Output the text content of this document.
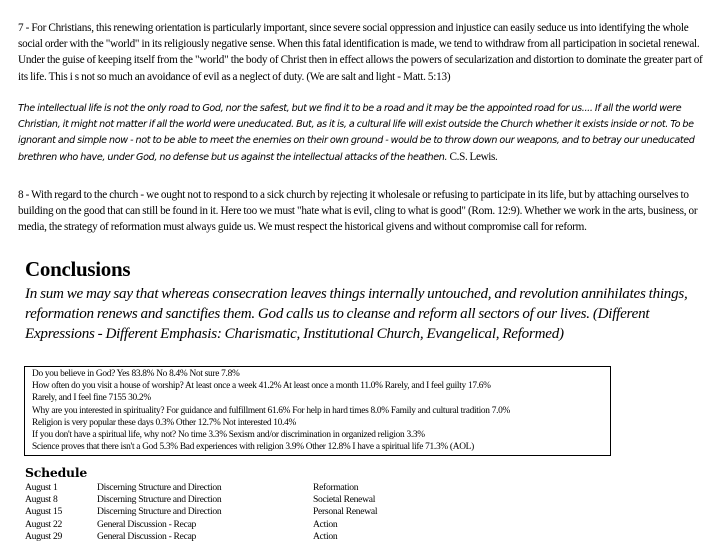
7 - For Christians, this renewing orientation is particularly important, since severe social oppression and injustice can easily seduce us into identifying the whole social order with the "world" in its religiously negative sense. When this fatal identification is made, we tend to withdraw from all participation in societal renewal. Under the guise of keeping itself from the "world" the body of Christ then in effect allows the powers of secularization and distortion to dominate the greater part of its life. This i s not so much an avoidance of evil as a neglect of duty. (We are salt and light - Matt. 5:13)

The intellectual life is not the only road to God, nor the safest, but we find it to be a road and it may be the appointed road for us.... If all the world were Christian, it might not matter if all the world were uneducated. But, as it is, a cultural life will exist outside the Church whether it exists inside or not. To be ignorant and simple now - not to be able to meet the enemies on their own ground - would be to throw down our weapons, and to betray our uneducated brethren who have, under God, no defense but us against the intellectual attacks of the heathen. C.S. Lewis.

8 - With regard to the church - we ought not to respond to a sick church by rejecting it wholesale or refusing to participate in its life, but by attaching ourselves to building on the good that can still be found in it. Here too we must "hate what is evil, cling to what is good" (Rom. 12:9). Whether we work in the arts, business, or media, the strategy of reformation must always guide us. We must respect the historical givens and without compromise call for reform.

Conclusions

In sum we may say that whereas consecration leaves things internally untouched, and revolution annihilates things, reformation renews and sanctifies them. God calls us to cleanse and reform all sectors of our lives. (Different Expressions - Different Emphasis: Charismatic, Institutional Church, Evangelical, Reformed)

Do you believe in God? Yes 83.8% No 8.4% Not sure 7.8%
How often do you visit a house of worship? At least once a week 41.2% At least once a month 11.0% Rarely, and I feel guilty 17.6%
Rarely, and I feel fine 7155 30.2%
Why are you interested in spirituality? For guidance and fulfillment 61.6% For help in hard times 8.0% Family and cultural tradition 7.0%
Religion is very popular these days 0.3% Other 12.7% Not interested 10.4%
If you don't have a spiritual life, why not? No time 3.3% Sexism and/or discrimination in organized religion 3.3%
Science proves that there isn't a God 5.3% Bad experiences with religion 3.9% Other 12.8% I have a spiritual life 71.3% (AOL)
Schedule
August 1	Discerning Structure and Direction	Reformation
August 8	Discerning Structure and Direction	Societal Renewal
August 15	Discerning Structure and Direction	Personal Renewal
August 22	General Discussion - Recap	Action
August 29	General Discussion - Recap	Action
